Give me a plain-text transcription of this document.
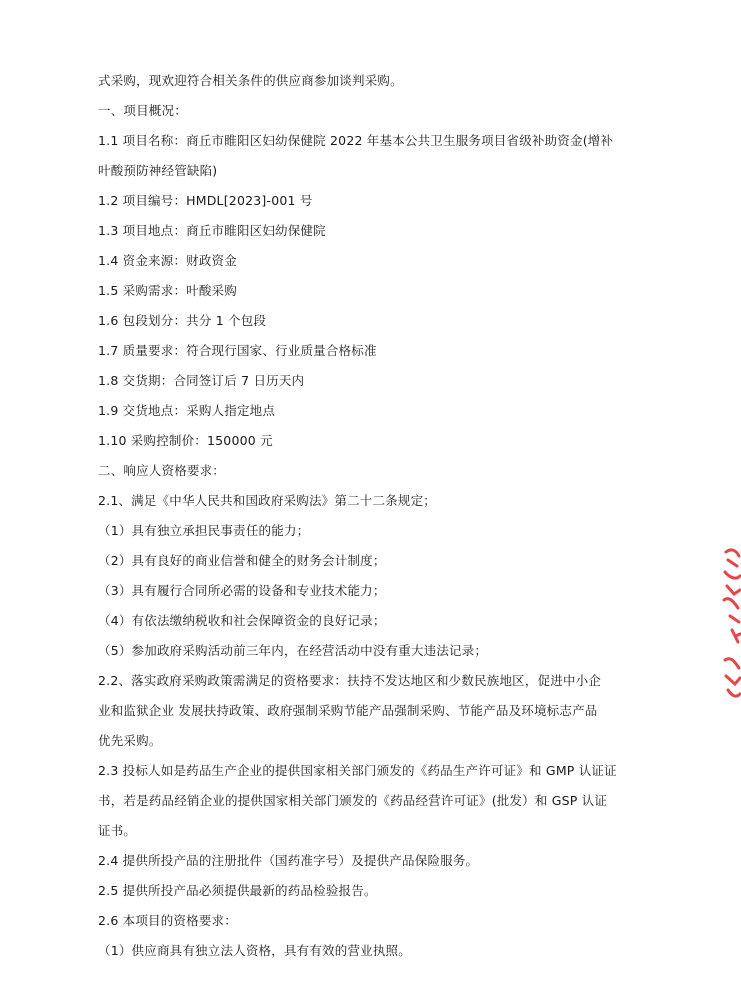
式采购，现欢迎符合相关条件的供应商参加谈判采购。
一、项目概况：
1.1 项目名称：商丘市睢阳区妇幼保健院 2022 年基本公共卫生服务项目省级补助资金(增补
叶酸预防神经管缺陷)
1.2 项目编号：HMDL[2023]-001 号
1.3 项目地点：商丘市睢阳区妇幼保健院
1.4 资金来源：财政资金
1.5 采购需求：叶酸采购
1.6 包段划分：共分 1 个包段
1.7 质量要求：符合现行国家、行业质量合格标准
1.8 交货期：合同签订后 7 日历天内
1.9 交货地点：采购人指定地点
1.10 采购控制价：150000 元
二、响应人资格要求：
2.1、满足《中华人民共和国政府采购法》第二十二条规定；
（1）具有独立承担民事责任的能力；
（2）具有良好的商业信誉和健全的财务会计制度；
（3）具有履行合同所必需的设备和专业技术能力；
（4）有依法缴纳税收和社会保障资金的良好记录；
（5）参加政府采购活动前三年内，在经营活动中没有重大违法记录；
2.2、落实政府采购政策需满足的资格要求：扶持不发达地区和少数民族地区，促进中小企
业和监狱企业 发展扶持政策、政府强制采购节能产品强制采购、节能产品及环境标志产品
优先采购。
2.3 投标人如是药品生产企业的提供国家相关部门颁发的《药品生产许可证》和 GMP 认证证
书，若是药品经销企业的提供国家相关部门颁发的《药品经营许可证》(批发）和 GSP 认证
证书。
2.4 提供所投产品的注册批件（国药准字号）及提供产品保险服务。
2.5 提供所投产品必须提供最新的药品检验报告。
2.6 本项目的资格要求：
（1）供应商具有独立法人资格，具有有效的营业执照。
